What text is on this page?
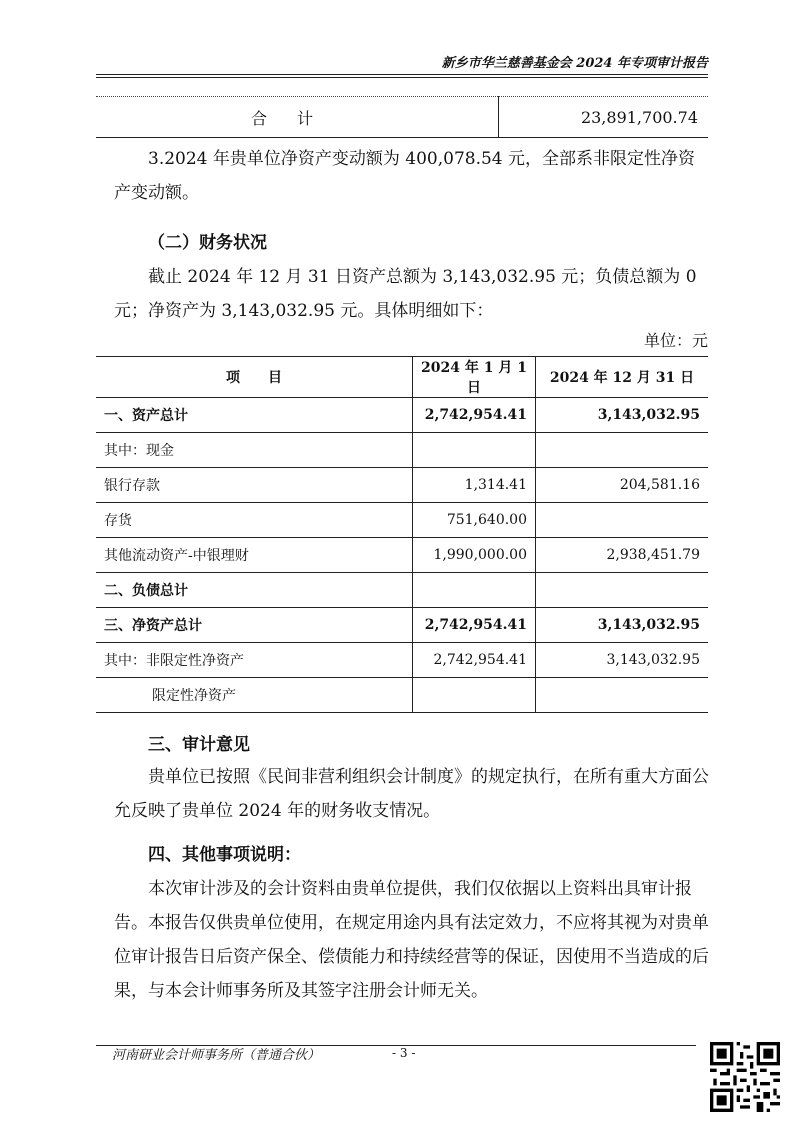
新乡市华兰慈善基金会 2024 年专项审计报告
合计	23,891,700.74
3.2024 年贵单位净资产变动额为 400,078.54 元，全部系非限定性净资产变动额。
（二）财务状况
截止 2024 年 12 月 31 日资产总额为 3,143,032.95 元；负债总额为 0 元；净资产为 3,143,032.95 元。具体明细如下：
单位：元
项　　目	2024 年 1 月 1 日	2024 年 12 月 31 日
一、资产总计	2,742,954.41	3,143,032.95
其中：现金		
银行存款	1,314.41	204,581.16
存货	751,640.00	
其他流动资产-中银理财	1,990,000.00	2,938,451.79
二、负债总计		
三、净资产总计	2,742,954.41	3,143,032.95
其中：非限定性净资产	2,742,954.41	3,143,032.95
限定性净资产		
三、审计意见
贵单位已按照《民间非营利组织会计制度》的规定执行，在所有重大方面公允反映了贵单位 2024 年的财务收支情况。
四、其他事项说明：
本次审计涉及的会计资料由贵单位提供，我们仅依据以上资料出具审计报告。本报告仅供贵单位使用，在规定用途内具有法定效力，不应将其视为对贵单位审计报告日后资产保全、偿债能力和持续经营等的保证，因使用不当造成的后果，与本会计师事务所及其签字注册会计师无关。
河南研业会计师事务所（普通合伙）	- 3 -
